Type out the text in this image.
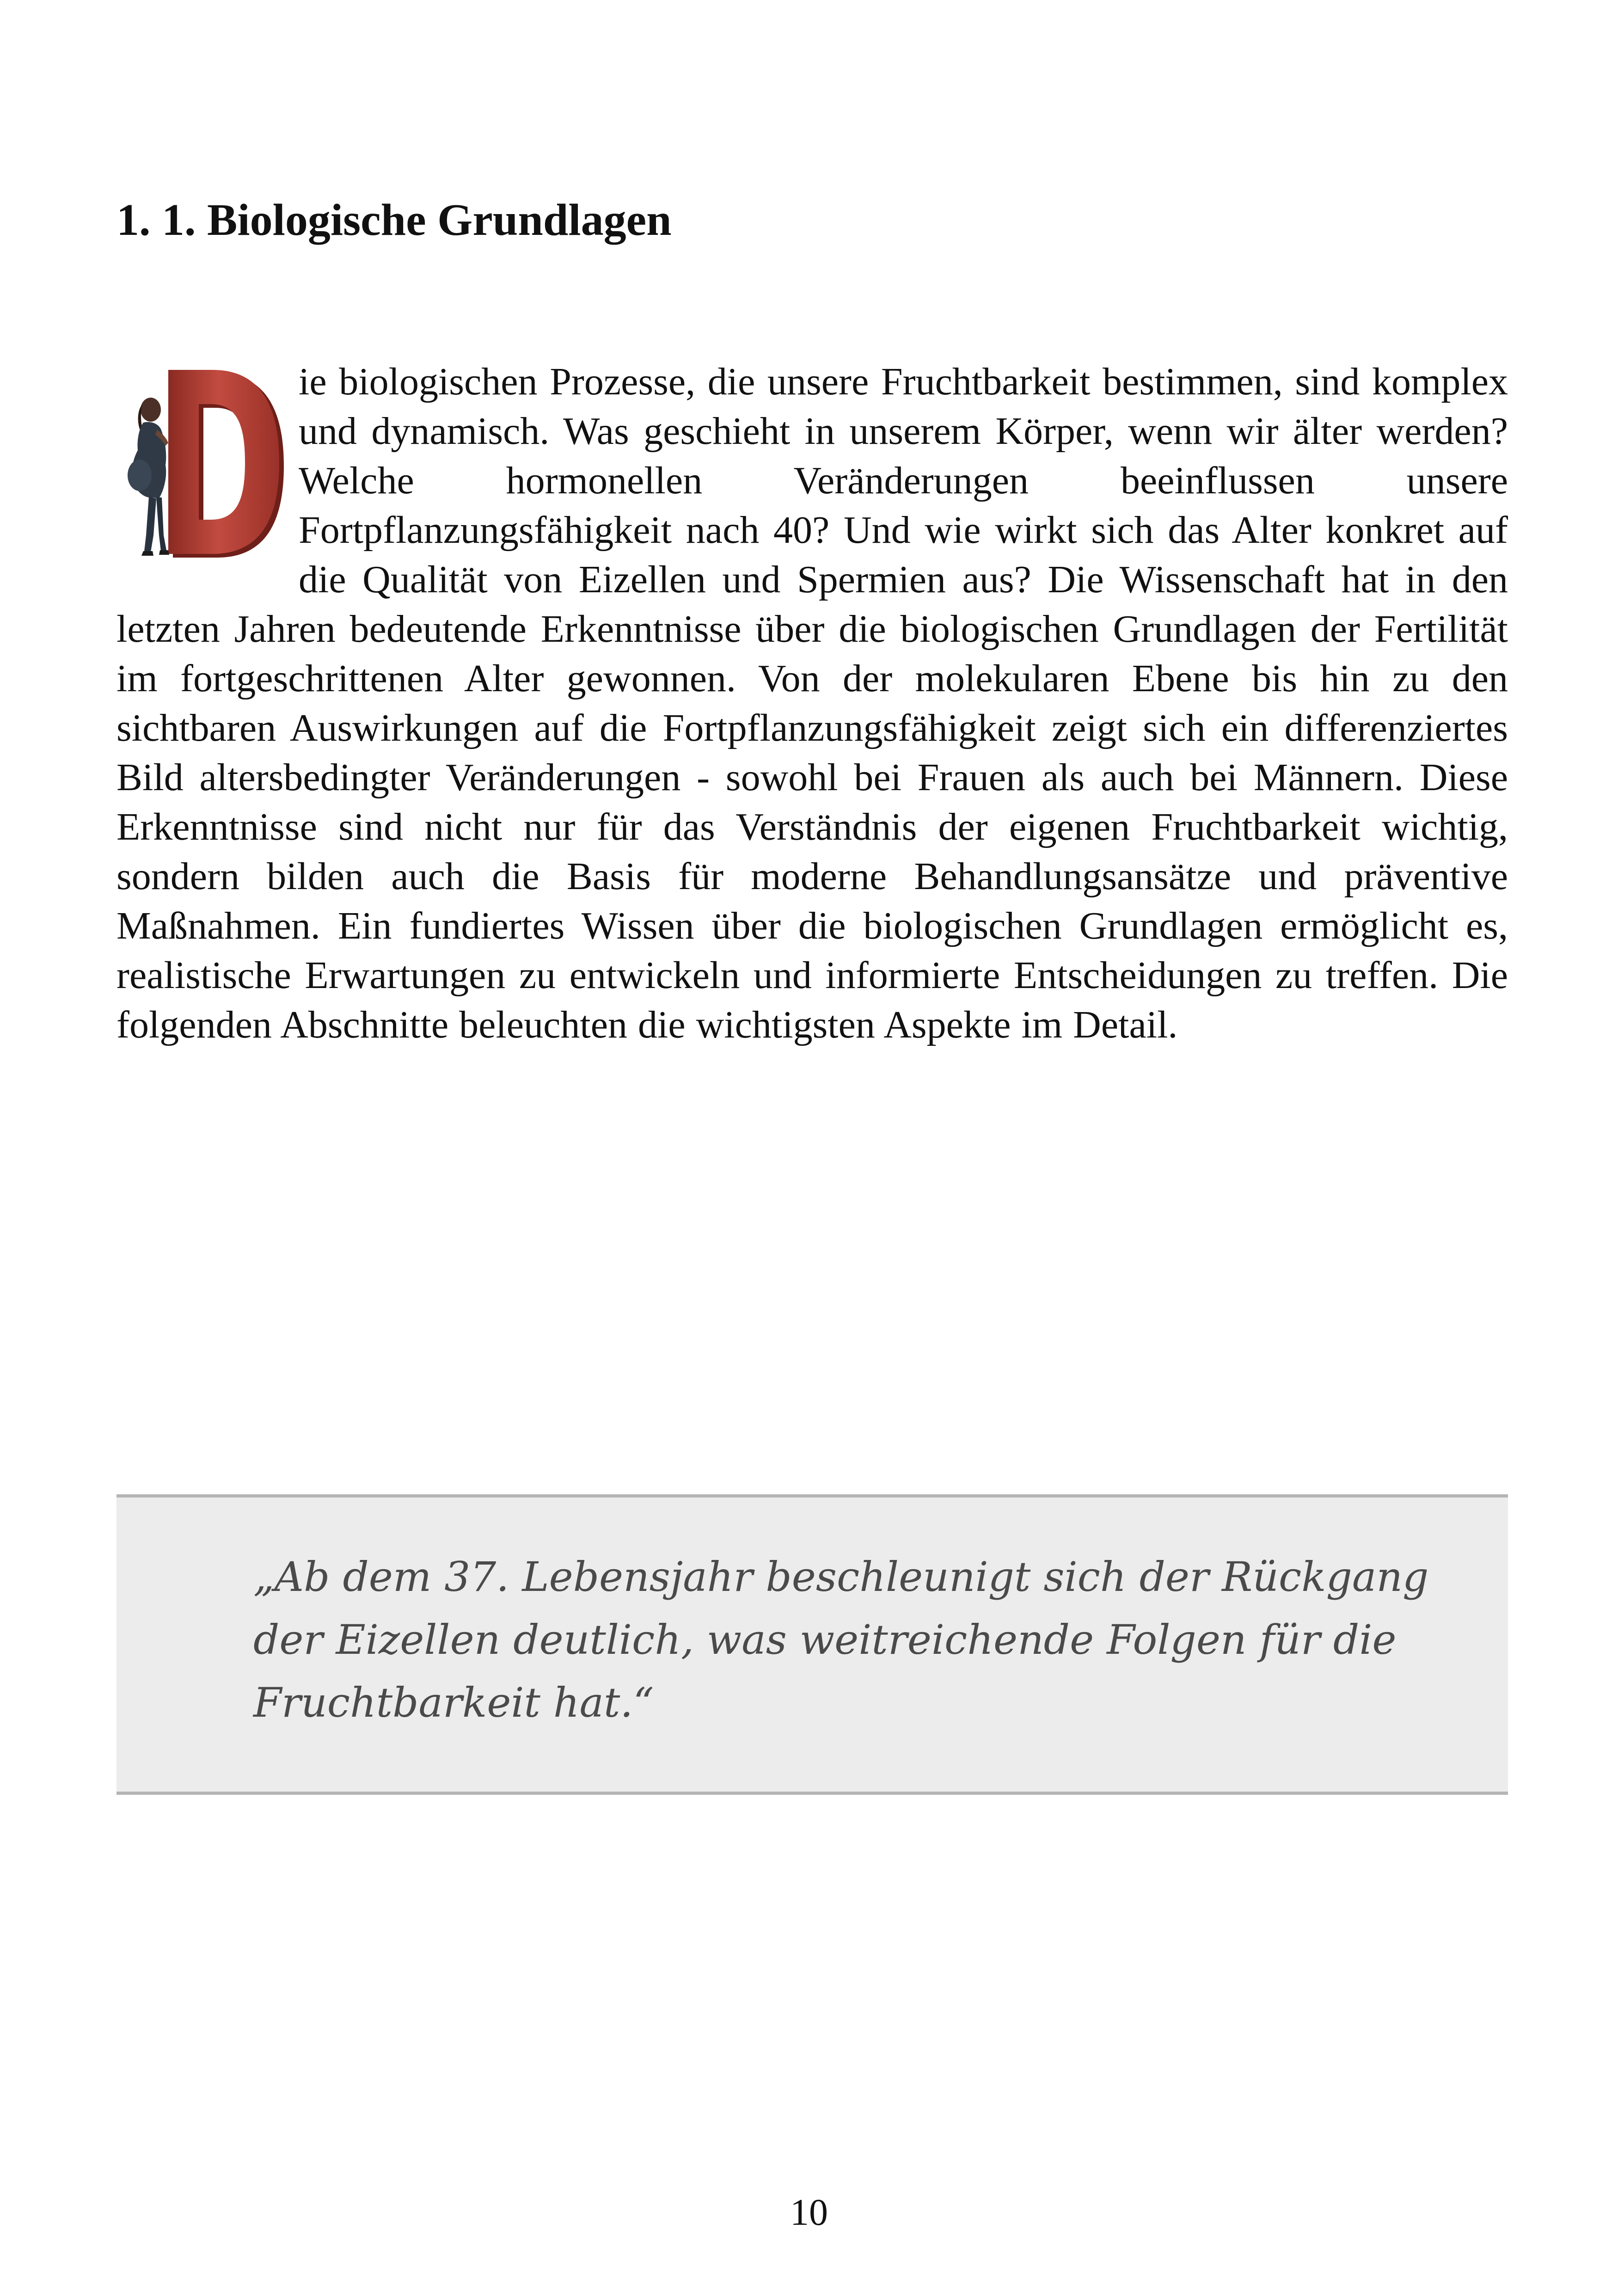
1. 1. Biologische Grundlagen

ie biologischen Prozesse, die unsere Fruchtbarkeit bestimmen, sind komplex und dynamisch. Was geschieht in unserem Körper, wenn wir älter werden? Welche hormonellen Veränderungen beeinflussen unsere Fortpflanzungsfähigkeit nach 40? Und wie wirkt sich das Alter konkret auf die Qualität von Eizellen und Spermien aus? Die Wissenschaft hat in den letzten Jahren bedeutende Erkenntnisse über die biologischen Grundlagen der Fertilität im fortgeschrittenen Alter gewonnen. Von der molekularen Ebene bis hin zu den sichtbaren Auswirkungen auf die Fortpflanzungsfähigkeit zeigt sich ein differenziertes Bild altersbedingter Veränderungen - sowohl bei Frauen als auch bei Männern. Diese Erkenntnisse sind nicht nur für das Verständnis der eigenen Fruchtbarkeit wichtig, sondern bilden auch die Basis für moderne Behandlungsansätze und präventive Maßnahmen. Ein fundiertes Wissen über die biologischen Grundlagen ermöglicht es, realistische Erwartungen zu entwickeln und informierte Entscheidungen zu treffen. Die folgenden Abschnitte beleuchten die wichtigsten Aspekte im Detail.

„Ab dem 37. Lebensjahr beschleunigt sich der Rückgang der Eizellen deutlich, was weitreichende Folgen für die Fruchtbarkeit hat.“

10
